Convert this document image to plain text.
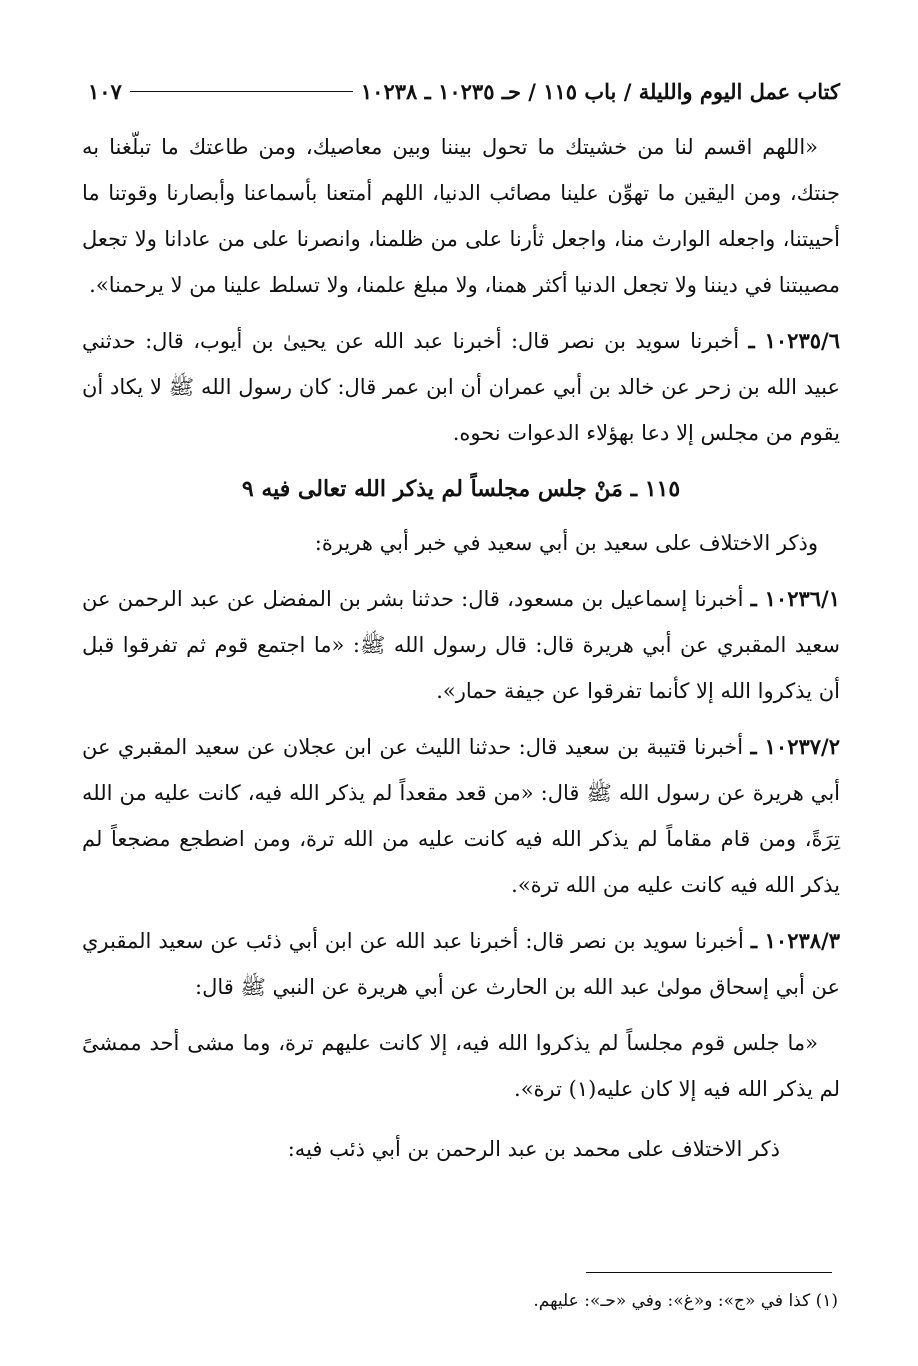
كتاب عمل اليوم والليلة / باب ١١٥ / حـ ١٠٢٣٥ ـ ١٠٢٣٨
١٠٧

«اللهم اقسم لنا من خشيتك ما تحول بيننا وبين معاصيك، ومن طاعتك ما تبلّغنا به جنتك، ومن اليقين ما تهوِّن علينا مصائب الدنيا، اللهم أمتعنا بأسماعنا وأبصارنا وقوتنا ما أحييتنا، واجعله الوارث منا، واجعل ثأرنا على من ظلمنا، وانصرنا على من عادانا ولا تجعل مصيبتنا في ديننا ولا تجعل الدنيا أكثر همنا، ولا مبلغ علمنا، ولا تسلط علينا من لا يرحمنا».

١٠٢٣٥/٦ ـ أخبرنا سويد بن نصر قال: أخبرنا عبد الله عن يحيىٰ بن أيوب، قال: حدثني عبيد الله بن زحر عن خالد بن أبي عمران أن ابن عمر قال: كان رسول الله ﷺ لا يكاد أن يقوم من مجلس إلا دعا بهؤلاء الدعوات نحوه.

١١٥ ـ مَنْ جلس مجلساً لم يذكر الله تعالى فيه ٩

وذكر الاختلاف على سعيد بن أبي سعيد في خبر أبي هريرة:

١٠٢٣٦/١ ـ أخبرنا إسماعيل بن مسعود، قال: حدثنا بشر بن المفضل عن عبد الرحمن عن سعيد المقبري عن أبي هريرة قال: قال رسول الله ﷺ: «ما اجتمع قوم ثم تفرقوا قبل أن يذكروا الله إلا كأنما تفرقوا عن جيفة حمار».

١٠٢٣٧/٢ ـ أخبرنا قتيبة بن سعيد قال: حدثنا الليث عن ابن عجلان عن سعيد المقبري عن أبي هريرة عن رسول الله ﷺ قال: «من قعد مقعداً لم يذكر الله فيه، كانت عليه من الله تِرَةً، ومن قام مقاماً لم يذكر الله فيه كانت عليه من الله ترة، ومن اضطجع مضجعاً لم يذكر الله فيه كانت عليه من الله ترة».

١٠٢٣٨/٣ ـ أخبرنا سويد بن نصر قال: أخبرنا عبد الله عن ابن أبي ذئب عن سعيد المقبري عن أبي إسحاق مولىٰ عبد الله بن الحارث عن أبي هريرة عن النبي ﷺ قال:

«ما جلس قوم مجلساً لم يذكروا الله فيه، إلا كانت عليهم ترة، وما مشى أحد ممشىً لم يذكر الله فيه إلا كان عليه(١) ترة».

ذكر الاختلاف على محمد بن عبد الرحمن بن أبي ذئب فيه:

(١) كذا في «ج»: و«غ»: وفي «حـ»: عليهم.
